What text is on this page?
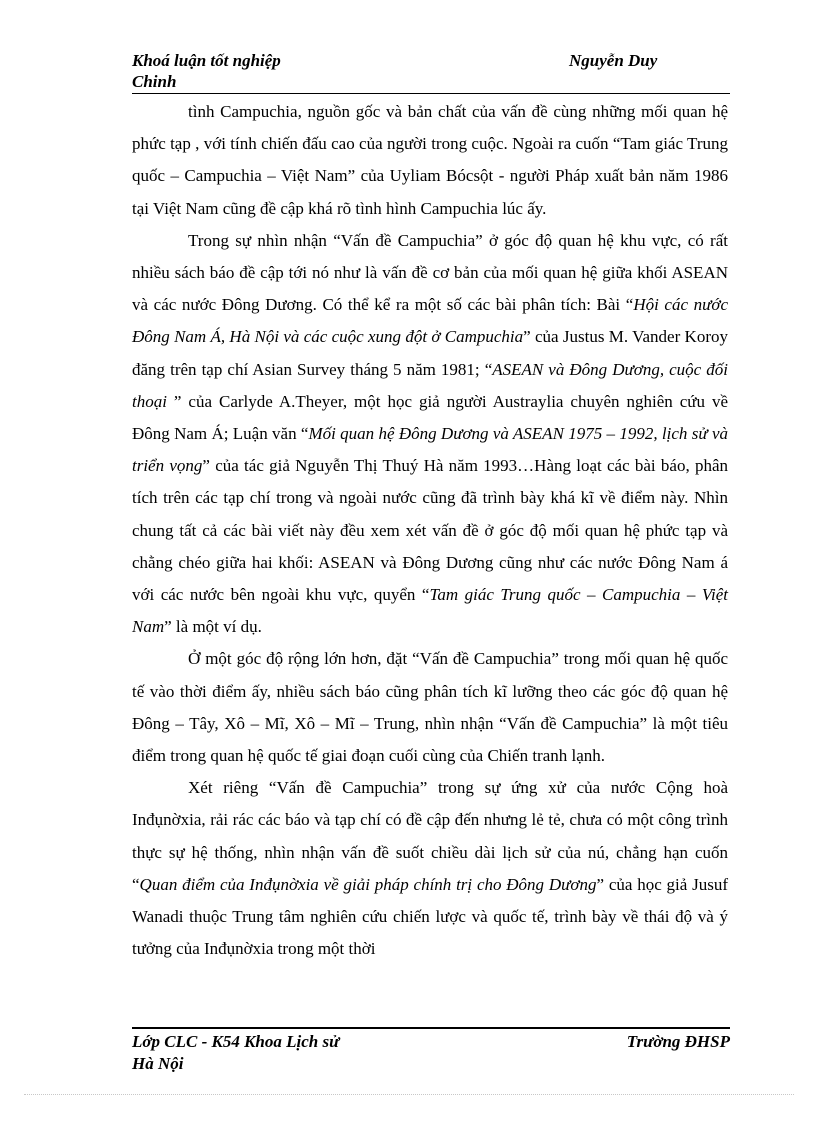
Khoá luận tốt nghiệp
Chinh
Nguyễn Duy

tình Campuchia, nguồn gốc và bản chất của vấn đề cùng những mối quan hệ phức tạp , với tính chiến đấu cao của người trong cuộc. Ngoài ra cuốn “Tam giác Trung quốc – Campuchia – Việt Nam” của Uyliam Bócsột - người Pháp xuất bản năm 1986 tại Việt Nam cũng đề cập khá rõ tình hình Campuchia lúc ấy.

Trong sự nhìn nhận “Vấn đề Campuchia” ở góc độ quan hệ khu vực, có rất nhiều sách báo đề cập tới nó như là vấn đề cơ bản của mối quan hệ giữa khối ASEAN và các nước Đông Dương. Có thể kể ra một số các bài phân tích: Bài “Hội các nước Đông Nam Á, Hà Nội và các cuộc xung đột ở Campuchia” của Justus M. Vander Koroy đăng trên tạp chí Asian Survey tháng 5 năm 1981; “ASEAN và Đông Dương, cuộc đối thoại ” của Carlyde A.Theyer, một học giả người Austraylia chuyên nghiên cứu về Đông Nam Á; Luận văn “Mối quan hệ Đông Dương và ASEAN 1975 – 1992, lịch sử và triển vọng” của tác giả Nguyễn Thị Thuý Hà năm 1993…Hàng loạt các bài báo, phân tích trên các tạp chí trong và ngoài nước cũng đã trình bày khá kĩ về điểm này. Nhìn chung tất cả các bài viết này đều xem xét vấn đề ở góc độ mối quan hệ phức tạp và chằng chéo giữa hai khối: ASEAN và Đông Dương cũng như các nước Đông Nam á với các nước bên ngoài khu vực, quyển “Tam giác Trung quốc – Campuchia – Việt Nam” là một ví dụ.

Ở một góc độ rộng lớn hơn, đặt “Vấn đề Campuchia” trong mối quan hệ quốc tế vào thời điểm ấy, nhiều sách báo cũng phân tích kĩ lưỡng theo các góc độ quan hệ Đông – Tây, Xô – Mĩ, Xô – Mĩ – Trung, nhìn nhận “Vấn đề Campuchia” là một tiêu điểm trong quan hệ quốc tế giai đoạn cuối cùng của Chiến tranh lạnh.

Xét riêng “Vấn đề Campuchia” trong sự ứng xử của nước Cộng hoà Inđụnờxia, rải rác các báo và tạp chí có đề cập đến nhưng lẻ tẻ, chưa có một công trình thực sự hệ thống, nhìn nhận vấn đề suốt chiều dài lịch sử của nú, chẳng hạn cuốn “Quan điểm của Inđụnờxia về giải pháp chính trị cho Đông Dương” của học giả Jusuf Wanadi thuộc Trung tâm nghiên cứu chiến lược và quốc tế, trình bày về thái độ và ý tưởng của Inđụnờxia trong một thời

Lớp CLC - K54 Khoa Lịch sử
Hà Nội
Trường ĐHSP
